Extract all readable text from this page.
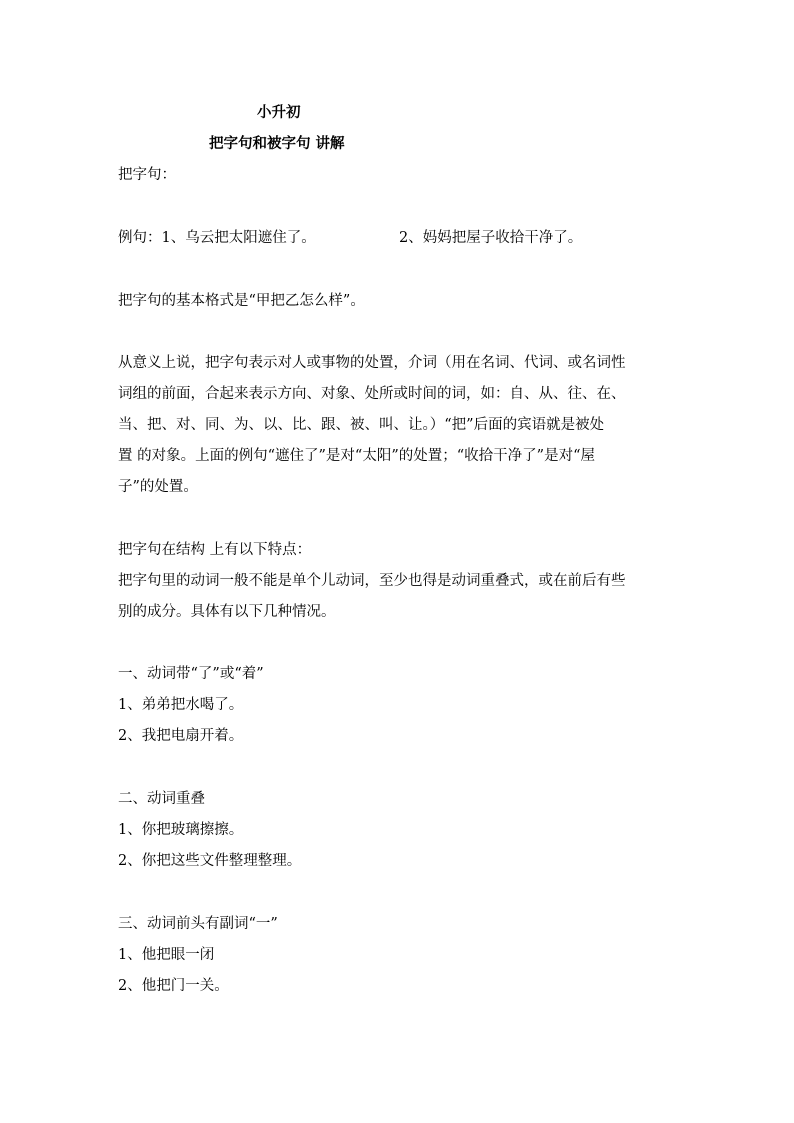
小升初
把字句和被字句 讲解
把字句：
例句：1、乌云把太阳遮住了。	2、妈妈把屋子收拾干净了。
把字句的基本格式是“甲把乙怎么样”。
从意义上说，把字句表示对人或事物的处置，介词（用在名词、代词、或名词性
词组的前面，合起来表示方向、对象、处所或时间的词，如：自、从、往、在、
当、把、对、同、为、以、比、跟、被、叫、让。）“把”后面的宾语就是被处
置 的对象。上面的例句“遮住了”是对“太阳”的处置；“收拾干净了”是对“屋
子”的处置。
把字句在结构 上有以下特点：
把字句里的动词一般不能是单个儿动词，至少也得是动词重叠式，或在前后有些
别的成分。具体有以下几种情况。
一、动词带“了”或“着”
1、弟弟把水喝了。
2、我把电扇开着。
二、动词重叠
1、你把玻璃擦擦。
2、你把这些文件整理整理。
三、动词前头有副词“一”
1、他把眼一闭
2、他把门一关。
